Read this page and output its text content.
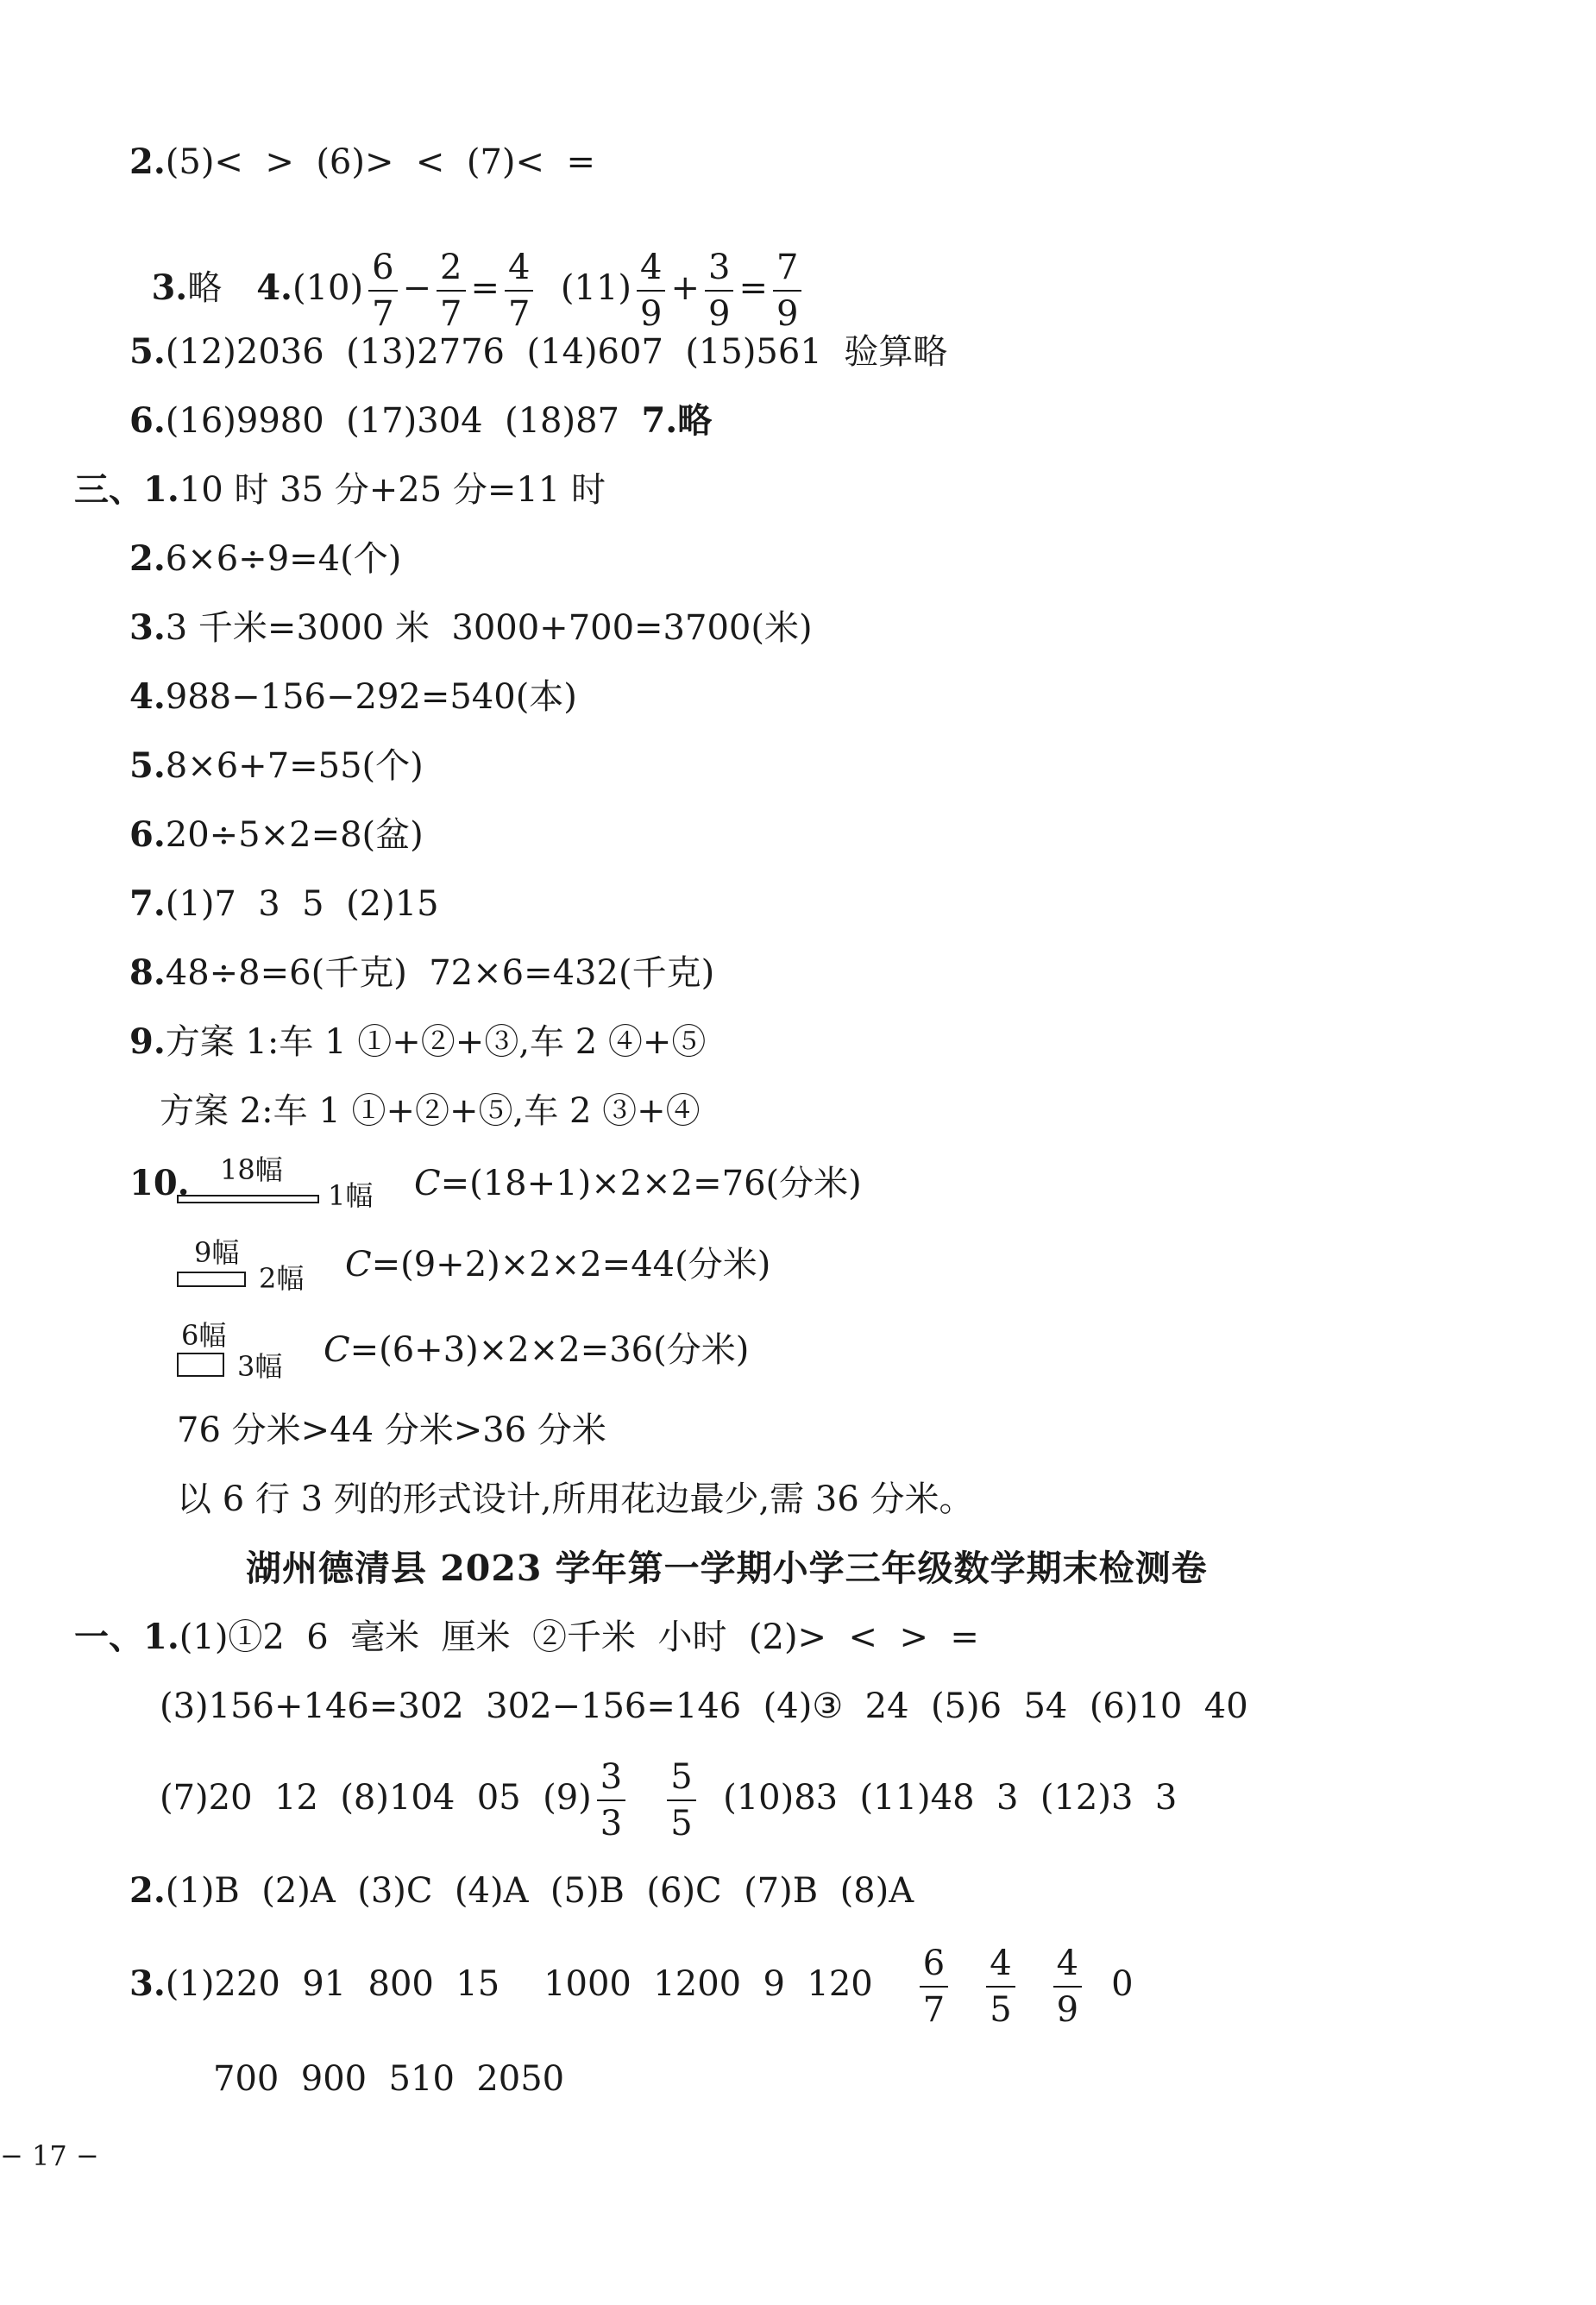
2.(5)<  >  (6)>  <  (7)<  =

3.略 $4.(10) \frac{6}{7} - \frac{2}{7} = \frac{4}{7} (11) \frac{4}{9} + \frac{3}{9} = \frac{7}{9}$

5.(12)2036  (13)2776  (14)607  (15)561  验算略
6.(16)9980  (17)304  (18)87  7.略
三、1.10 时 35 分+25 分=11 时
2.6×6÷9=4(个)
3.3 千米=3000 米  3000+700=3700(米)
4.988−156−292=540(本)
5.8×6+7=55(个)
6.20÷5×2=8(盆)
7.(1)7  3  5  (2)15
8.48÷8=6(千克)  72×6=432(千克)
9.方案 1:车 1 ①+②+③,车 2 ④+⑤
方案 2:车 1 ①+②+⑤,车 2 ③+④
10. 18幅
1幅 C=(18+1)×2×2=76(分米)
9幅
2幅 C=(9+2)×2×2=44(分米)
6幅
3幅 C=(6+3)×2×2=36(分米)
76 分米>44 分米>36 分米
以 6 行 3 列的形式设计,所用花边最少,需 36 分米。
湖州德清县 2023 学年第一学期小学三年级数学期末检测卷
一、1.(1)①2  6  毫米  厘米  ②千米  小时  (2)>  <  >  =
(3)156+146=302  302−156=146  (4)③  24  (5)6  54  (6)10  40
(7)20  12  (8)104  05  $(9) \frac{3}{3} \frac{5}{5} (10)83$  (11)48  3  (12)3  3
2.(1)B  (2)A  (3)C  (4)A  (5)B  (6)C  (7)B  (8)A
3.(1)220  91  800  15    1000  1200  9  $120 \frac{6}{7} \frac{4}{5} \frac{4}{9} 0$
700  900  510  2050
− 17 −
